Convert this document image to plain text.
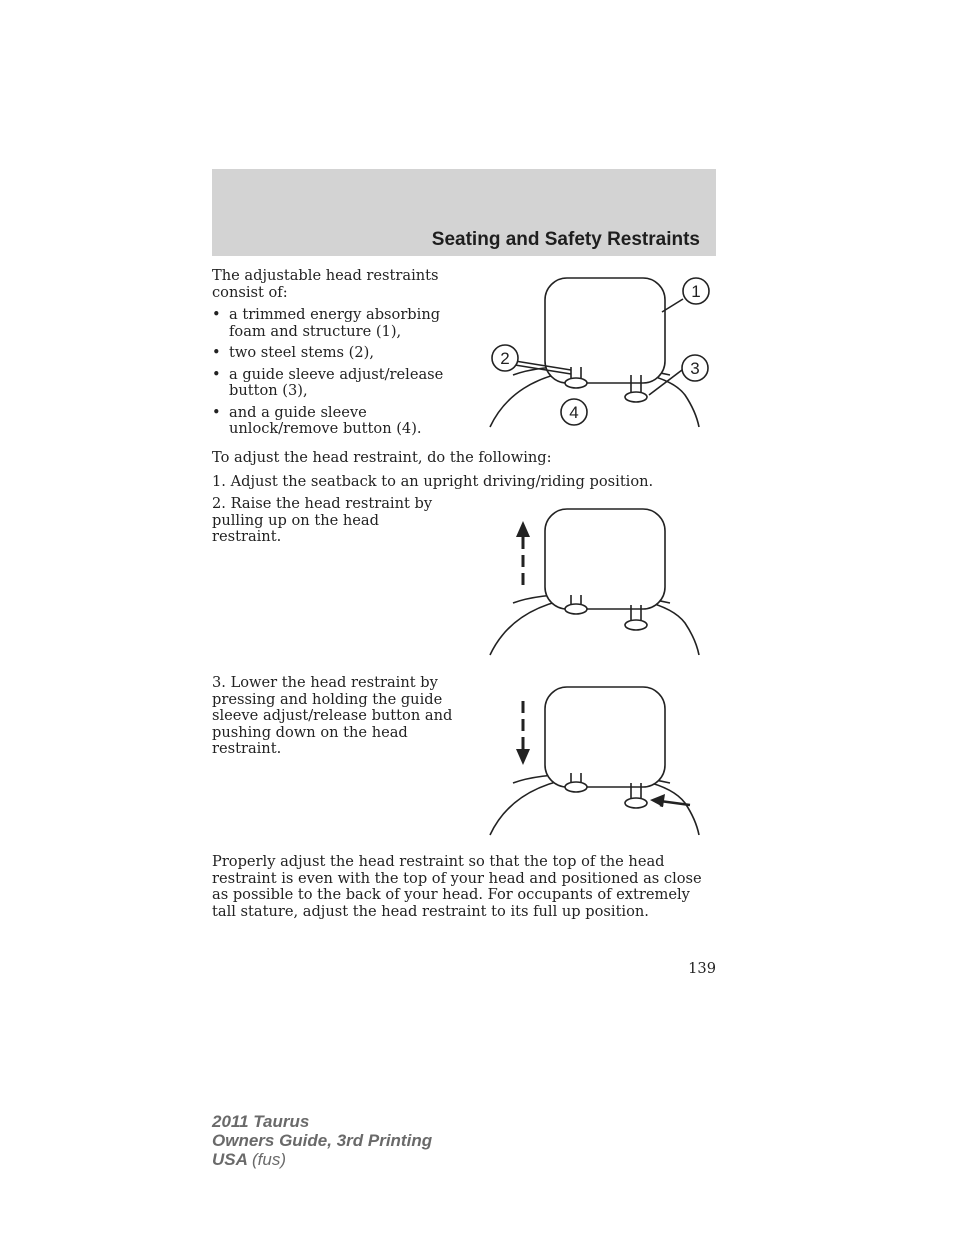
Seating and Safety Restraints

The adjustable head restraints consist of:

• a trimmed energy absorbing foam and structure (1),
• two steel stems (2),
• a guide sleeve adjust/release button (3),
• and a guide sleeve unlock/remove button (4).
1
2
3
4

To adjust the head restraint, do the following:

1. Adjust the seatback to an upright driving/riding position.

2. Raise the head restraint by pulling up on the head restraint.

3. Lower the head restraint by pressing and holding the guide sleeve adjust/release button and pushing down on the head restraint.

Properly adjust the head restraint so that the top of the head restraint is even with the top of your head and positioned as close as possible to the back of your head. For occupants of extremely tall stature, adjust the head restraint to its full up position.

139
2011 Taurus
Owners Guide, 3rd Printing
USA (fus)
